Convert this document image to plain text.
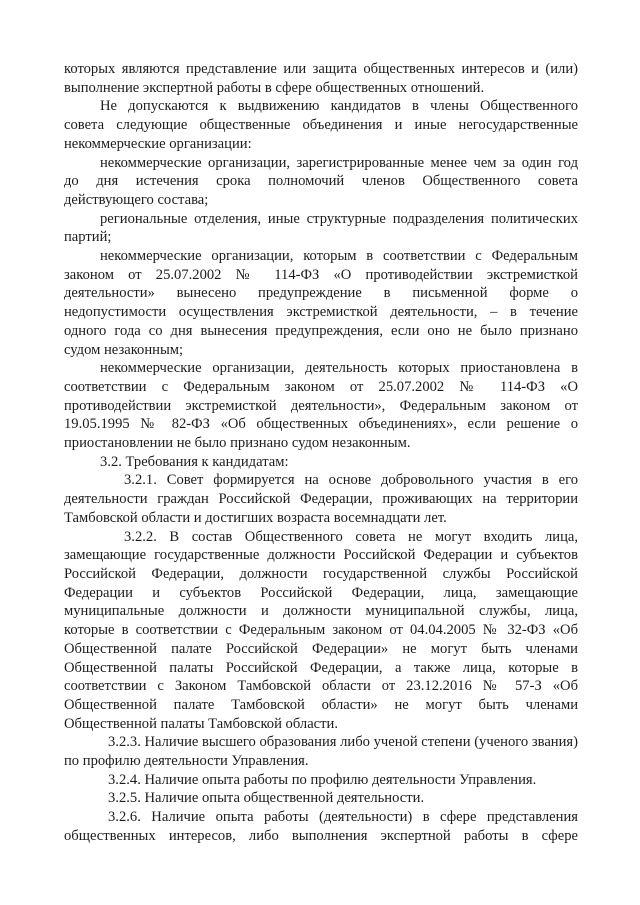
которых являются представление или защита общественных интересов и (или)

выполнение экспертной работы в сфере общественных отношений.

Не допускаются к выдвижению кандидатов в члены Общественного

совета следующие общественные объединения и иные негосударственные

некоммерческие организации:

некоммерческие организации, зарегистрированные менее чем за один год

до дня истечения срока полномочий членов Общественного совета

действующего состава;

региональные отделения, иные структурные подразделения политических

партий;

некоммерческие организации, которым в соответствии с Федеральным

законом от 25.07.2002 № 114-ФЗ «О противодействии экстремисткой

деятельности» вынесено предупреждение в письменной форме о

недопустимости осуществления экстремисткой деятельности, – в течение

одного года со дня вынесения предупреждения, если оно не было признано

судом незаконным;

некоммерческие организации, деятельность которых приостановлена в

соответствии с Федеральным законом от 25.07.2002 № 114-ФЗ «О

противодействии экстремисткой деятельности», Федеральным законом от

19.05.1995 № 82-ФЗ «Об общественных объединениях», если решение о

приостановлении не было признано судом незаконным.

3.2. Требования к кандидатам:

3.2.1. Совет формируется на основе добровольного участия в его

деятельности граждан Российской Федерации, проживающих на территории

Тамбовской области и достигших возраста восемнадцати лет.

3.2.2. В состав Общественного совета не могут входить лица,

замещающие государственные должности Российской Федерации и субъектов

Российской Федерации, должности государственной службы Российской

Федерации и субъектов Российской Федерации, лица, замещающие

муниципальные должности и должности муниципальной службы, лица,

которые в соответствии с Федеральным законом от 04.04.2005 № 32-ФЗ «Об

Общественной палате Российской Федерации» не могут быть членами

Общественной палаты Российской Федерации, а также лица, которые в

соответствии с Законом Тамбовской области от 23.12.2016 № 57-З «Об

Общественной палате Тамбовской области» не могут быть членами

Общественной палаты Тамбовской области.

3.2.3. Наличие высшего образования либо ученой степени (ученого звания)

по профилю деятельности Управления.

3.2.4. Наличие опыта работы по профилю деятельности Управления.

3.2.5. Наличие опыта общественной деятельности.

3.2.6. Наличие опыта работы (деятельности) в сфере представления

общественных интересов, либо выполнения экспертной работы в сфере
